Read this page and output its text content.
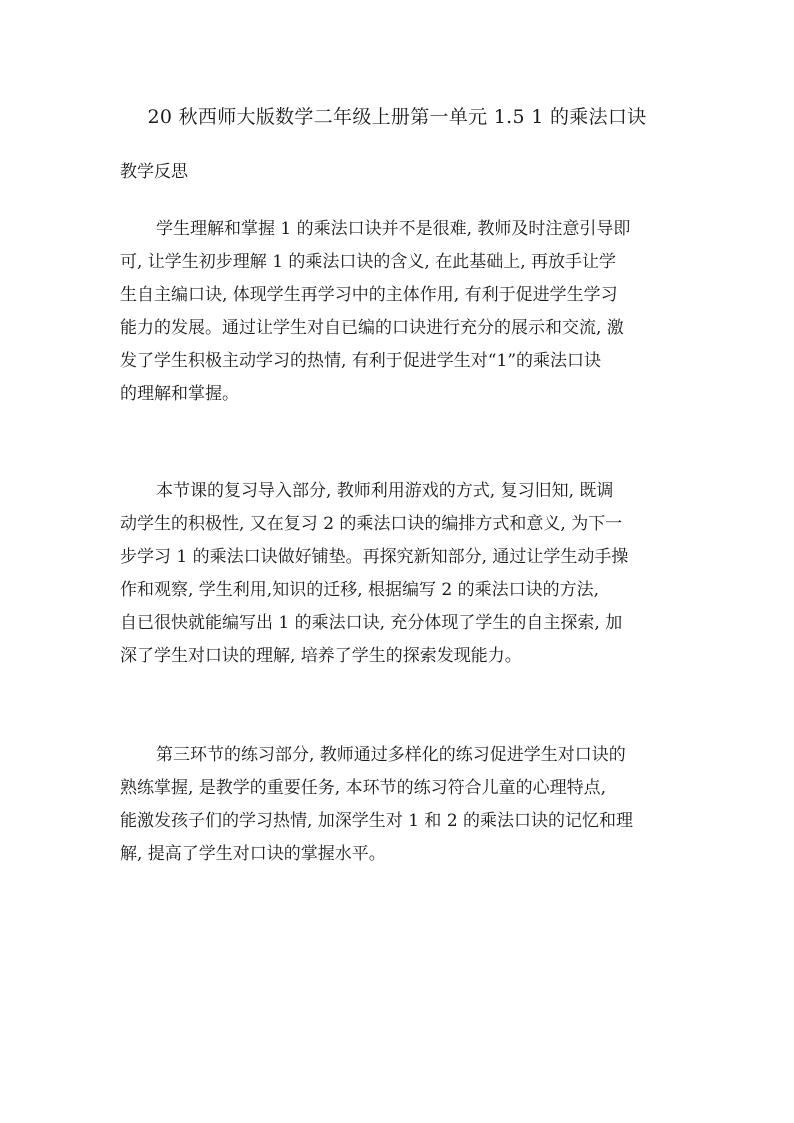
20 秋西师大版数学二年级上册第一单元 1.5 1 的乘法口诀
教学反思
学生理解和掌握 1 的乘法口诀并不是很难, 教师及时注意引导即
可, 让学生初步理解 1 的乘法口诀的含义, 在此基础上, 再放手让学
生自主编口诀, 体现学生再学习中的主体作用, 有利于促进学生学习
能力的发展。通过让学生对自已编的口诀进行充分的展示和交流, 激
发了学生积极主动学习的热情, 有利于促进学生对“1”的乘法口诀
的理解和掌握。
本节课的复习导入部分, 教师利用游戏的方式, 复习旧知, 既调
动学生的积极性, 又在复习 2 的乘法口诀的编排方式和意义, 为下一
步学习 1 的乘法口诀做好铺垫。再探究新知部分, 通过让学生动手操
作和观察, 学生利用,知识的迁移, 根据编写 2 的乘法口诀的方法,
自已很快就能编写出 1 的乘法口诀, 充分体现了学生的自主探索, 加
深了学生对口诀的理解, 培养了学生的探索发现能力。
第三环节的练习部分, 教师通过多样化的练习促进学生对口诀的
熟练掌握, 是教学的重要任务, 本环节的练习符合儿童的心理特点,
能激发孩子们的学习热情, 加深学生对 1 和 2 的乘法口诀的记忆和理
解, 提高了学生对口诀的掌握水平。
